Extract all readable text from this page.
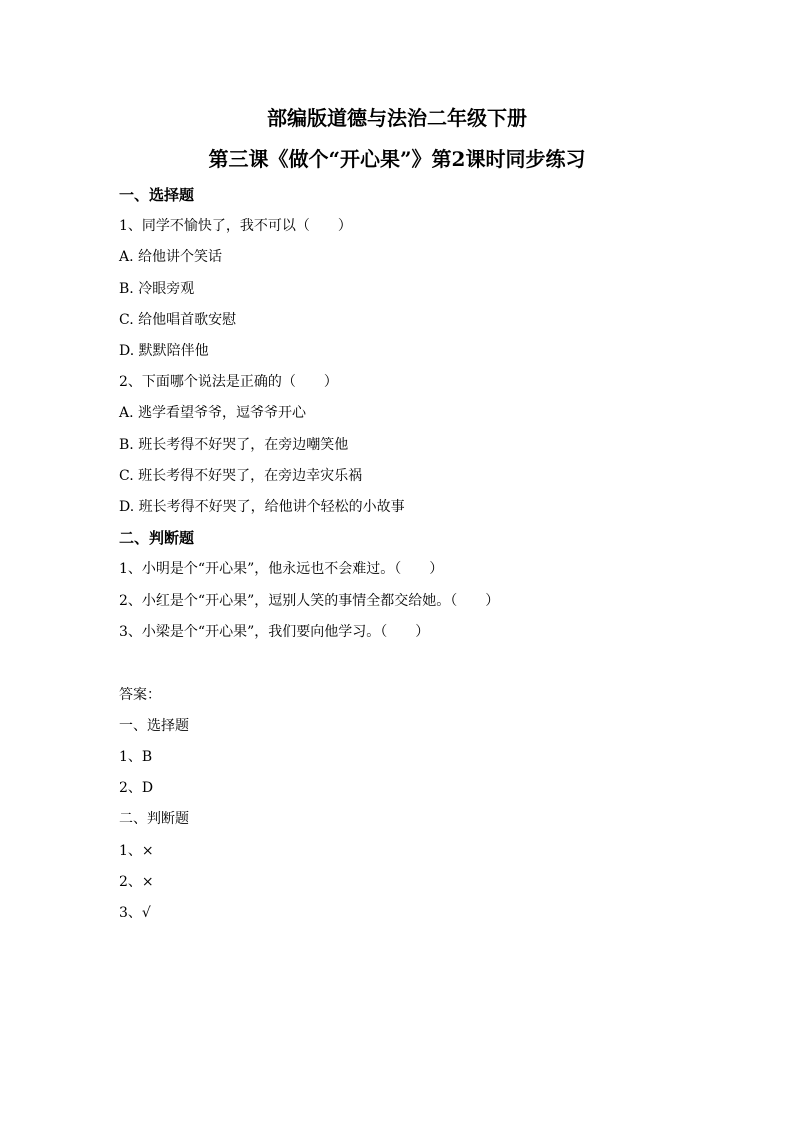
部编版道德与法治二年级下册
第三课《做个“开心果”》第2课时同步练习
一、选择题
1、同学不愉快了，我不可以（　　）
A. 给他讲个笑话
B. 冷眼旁观
C. 给他唱首歌安慰
D. 默默陪伴他
2、下面哪个说法是正确的（　　）
A. 逃学看望爷爷，逗爷爷开心
B. 班长考得不好哭了，在旁边嘲笑他
C. 班长考得不好哭了，在旁边幸灾乐祸
D. 班长考得不好哭了，给他讲个轻松的小故事
二、判断题
1、小明是个“开心果”，他永远也不会难过。（　　）
2、小红是个“开心果”，逗别人笑的事情全都交给她。（　　）
3、小梁是个“开心果”，我们要向他学习。（　　）
答案：
一、选择题
1、B
2、D
二、判断题
1、×
2、×
3、√
